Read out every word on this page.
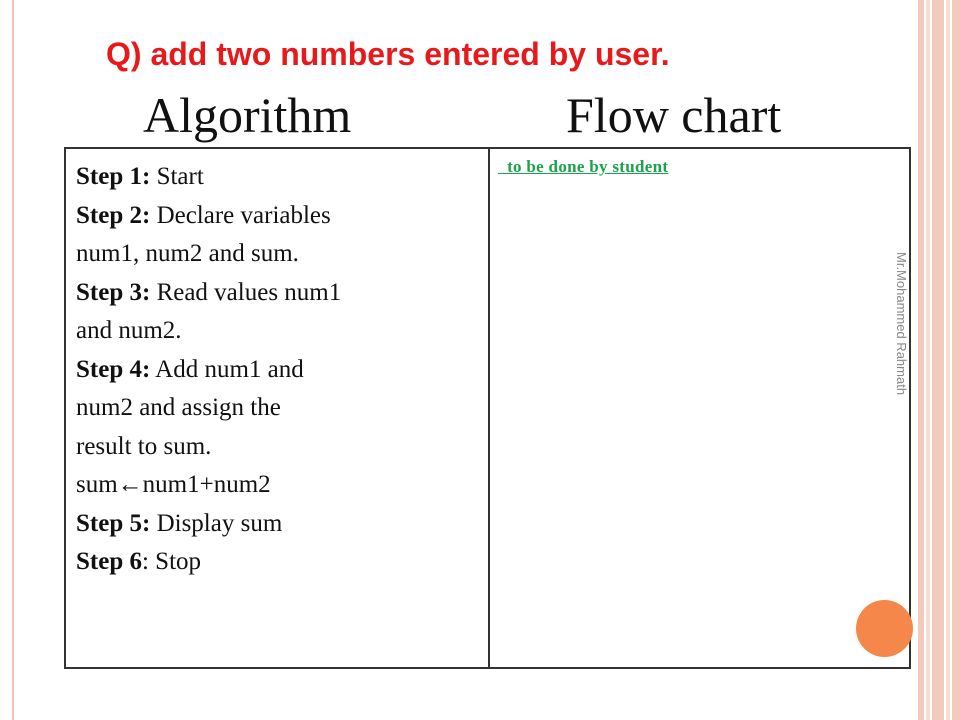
Q) add two numbers entered by user.
Algorithm	Flow chart
Step 1: Start
Step 2: Declare variables
num1, num2 and sum.
Step 3: Read values num1
and num2.
Step 4: Add num1 and
num2 and assign the
result to sum.
sum←num1+num2
Step 5: Display sum
Step 6: Stop
to be done by student
Mr.Mohammed Rahmath
